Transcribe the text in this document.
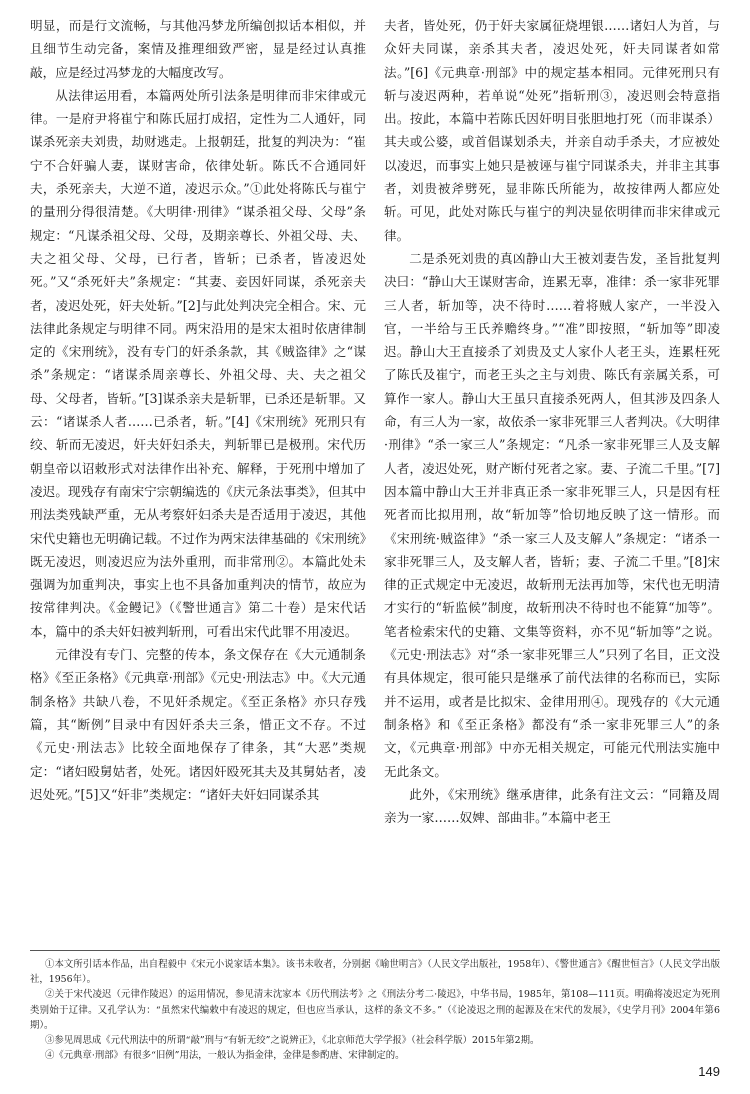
明显，而是行文流畅，与其他冯梦龙所编创拟话本相似，并且细节生动完备，案情及推理细致严密，显是经过认真推敲，应是经过冯梦龙的大幅度改写。

从法律运用看，本篇两处所引法条是明律而非宋律或元律。一是府尹将崔宁和陈氏屈打成招，定性为二人通奸，同谋杀死亲夫刘贵，劫财逃走。上报朝廷，批复的判决为：“崔宁不合奸骗人妻，谋财害命，依律处斩。陈氏不合通同奸夫，杀死亲夫，大逆不道，凌迟示众。”①此处将陈氏与崔宁的量刑分得很清楚。《大明律·刑律》“谋杀祖父母、父母”条规定：“凡谋杀祖父母、父母，及期亲尊长、外祖父母、夫、夫之祖父母、父母，已行者，皆斩；已杀者，皆凌迟处死。”又“杀死奸夫”条规定：“其妻、妾因奸同谋，杀死亲夫者，凌迟处死，奸夫处斩。”[2]与此处判决完全相合。宋、元法律此条规定与明律不同。两宋沿用的是宋太祖时依唐律制定的《宋刑统》，没有专门的奸杀条款，其《贼盗律》之“谋杀”条规定：“诸谋杀周亲尊长、外祖父母、夫、夫之祖父母、父母者，皆斩。”[3]谋杀亲夫是斩罪，已杀还是斩罪。又云：“诸谋杀人者……已杀者，斩。”[4]《宋刑统》死刑只有绞、斩而无凌迟，奸夫奸妇杀夫，判斩罪已是极刑。宋代历朝皇帝以诏敕形式对法律作出补充、解释，于死刑中增加了凌迟。现残存有南宋宁宗朝编选的《庆元条法事类》，但其中刑法类残缺严重，无从考察奸妇杀夫是否适用于凌迟，其他宋代史籍也无明确记载。不过作为两宋法律基础的《宋刑统》既无凌迟，则凌迟应为法外重刑，而非常刑②。本篇此处未强调为加重判决，事实上也不具备加重判决的情节，故应为按常律判决。《金鳗记》（《警世通言》第二十卷）是宋代话本，篇中的杀夫奸妇被判斩刑，可看出宋代此罪不用凌迟。

元律没有专门、完整的传本，条文保存在《大元通制条格》《至正条格》《元典章·刑部》《元史·刑法志》中。《大元通制条格》共缺八卷，不见奸杀规定。《至正条格》亦只存残篇，其“断例”目录中有因奸杀夫三条，惜正文不存。不过《元史·刑法志》比较全面地保存了律条，其“大恶”类规定：“诸妇殴舅姑者，处死。诸因奸殴死其夫及其舅姑者，凌迟处死。”[5]又“奸非”类规定：“诸奸夫奸妇同谋杀其

夫者，皆处死，仍于奸夫家属征烧埋银……诸妇人为首，与众奸夫同谋，亲杀其夫者，凌迟处死，奸夫同谋者如常法。”[6]《元典章·刑部》中的规定基本相同。元律死刑只有斩与凌迟两种，若单说“处死”指斩刑③，凌迟则会特意指出。按此，本篇中若陈氏因奸明目张胆地打死（而非谋杀）其夫或公婆，或首倡谋划杀夫，并亲自动手杀夫，才应被处以凌迟，而事实上她只是被诬与崔宁同谋杀夫，并非主其事者，刘贵被斧劈死，显非陈氏所能为，故按律两人都应处斩。可见，此处对陈氏与崔宁的判决显依明律而非宋律或元律。

二是杀死刘贵的真凶静山大王被刘妻告发，圣旨批复判决曰：“静山大王谋财害命，连累无辜，准律：杀一家非死罪三人者，斩加等，决不待时……着将贼人家产，一半没入官，一半给与王氏养赡终身。”“准”即按照，“斩加等”即凌迟。静山大王直接杀了刘贵及丈人家仆人老王头，连累枉死了陈氏及崔宁，而老王头之主与刘贵、陈氏有亲属关系，可算作一家人。静山大王虽只直接杀死两人，但其涉及四条人命，有三人为一家，故依杀一家非死罪三人者判决。《大明律·刑律》“杀一家三人”条规定：“凡杀一家非死罪三人及支解人者，凌迟处死，财产断付死者之家。妻、子流二千里。”[7]因本篇中静山大王并非真正杀一家非死罪三人，只是因有枉死者而比拟用刑，故“斩加等”恰切地反映了这一情形。而《宋刑统·贼盗律》“杀一家三人及支解人”条规定：“诸杀一家非死罪三人，及支解人者，皆斩；妻、子流二千里。”[8]宋律的正式规定中无凌迟，故斩刑无法再加等，宋代也无明清才实行的“斩监候”制度，故斩刑决不待时也不能算“加等”。笔者检索宋代的史籍、文集等资料，亦不见“斩加等”之说。《元史·刑法志》对“杀一家非死罪三人”只列了名目，正文没有具体规定，很可能只是继承了前代法律的名称而已，实际并不运用，或者是比拟宋、金律用刑④。现残存的《大元通制条格》和《至正条格》都没有“杀一家非死罪三人”的条文，《元典章·刑部》中亦无相关规定，可能元代刑法实施中无此条文。

此外，《宋刑统》继承唐律，此条有注文云：“同籍及周亲为一家……奴婢、部曲非。”本篇中老王

①本文所引话本作品，出自程毅中《宋元小说家话本集》。该书未收者，分别据《喻世明言》（人民文学出版社，1958年）、《警世通言》《醒世恒言》（人民文学出版社，1956年）。

②关于宋代凌迟（元律作陵迟）的运用情况，参见清末沈家本《历代刑法考》之《刑法分考二·陵迟》，中华书局，1985年，第108—111页。明确将凌迟定为死刑类别始于辽律。又孔学认为：“虽然宋代编敕中有凌迟的规定，但也应当承认，这样的条文不多。”（《论凌迟之刑的起源及在宋代的发展》，《史学月刊》2004年第6期）。

③参见周思成《元代刑法中的所谓“敲”刑与“有斩无绞”之说辨正》，《北京师范大学学报》（社会科学版）2015年第2期。

④《元典章·刑部》有很多“旧例”用法，一般认为指金律，金律是参酌唐、宋律制定的。

149
